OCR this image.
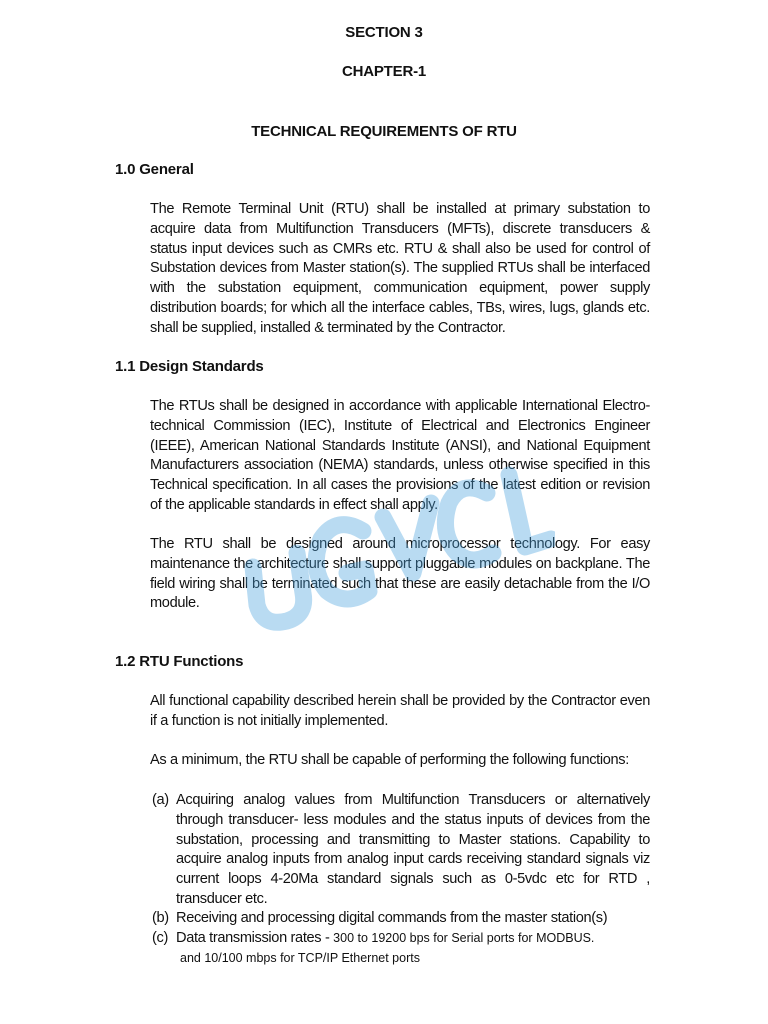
SECTION 3
CHAPTER-1
TECHNICAL REQUIREMENTS OF RTU
1.0 General
The Remote Terminal Unit (RTU) shall be installed at primary substation to acquire data from Multifunction Transducers (MFTs), discrete transducers & status input devices such as CMRs etc. RTU & shall also be used for control of Substation devices from Master station(s). The supplied RTUs shall be interfaced with the substation equipment, communication equipment, power supply distribution boards; for which all the interface cables, TBs, wires, lugs, glands etc. shall be supplied, installed & terminated by the Contractor.
1.1 Design Standards
The RTUs shall be designed in accordance with applicable International Electro-technical Commission (IEC), Institute of Electrical and Electronics Engineer (IEEE), American National Standards Institute (ANSI), and National Equipment Manufacturers association (NEMA) standards, unless otherwise specified in this Technical specification. In all cases the provisions of the latest edition or revision of the applicable standards in effect shall apply.
The RTU shall be designed around microprocessor technology. For easy maintenance the architecture shall support pluggable modules on backplane. The field wiring shall be terminated such that these are easily detachable from the I/O module.
1.2 RTU Functions
All functional capability described herein shall be provided by the Contractor even if a function is not initially implemented.
As a minimum, the RTU shall be capable of performing the following functions:
(a) Acquiring analog values from Multifunction Transducers or alternatively through transducer- less modules and the status inputs of devices from the substation, processing and transmitting to Master stations. Capability to acquire analog inputs from analog input cards receiving standard signals viz current loops 4-20Ma standard signals such as 0-5vdc etc for RTD , transducer etc.
(b) Receiving and processing digital commands from the master station(s)
(c) Data transmission rates - 300 to 19200 bps for Serial ports for MODBUS.
and 10/100 mbps for TCP/IP Ethernet ports
